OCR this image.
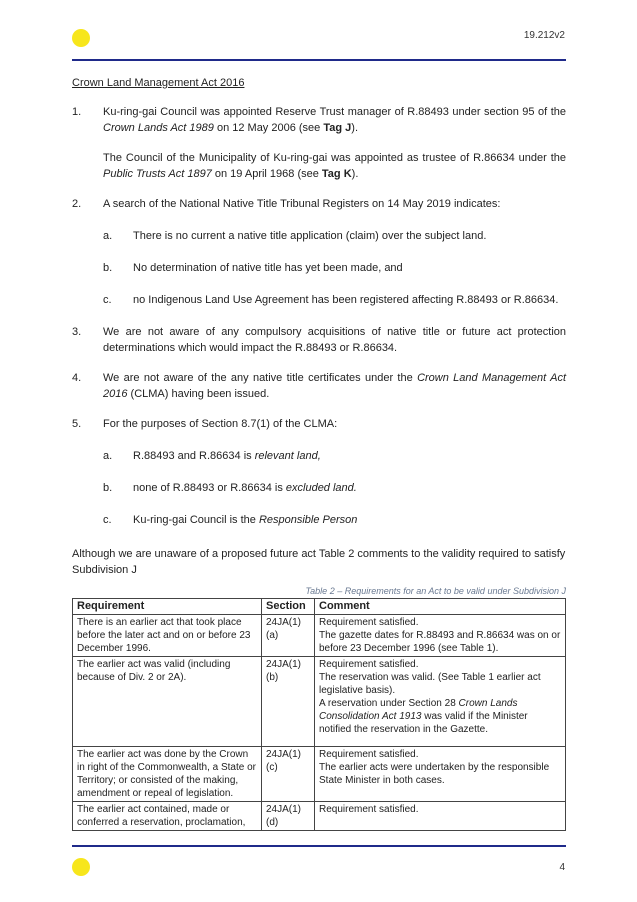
19.212v2

Crown Land Management Act 2016

1.	Ku-ring-gai Council was appointed Reserve Trust manager of R.88493 under section 95 of the Crown Lands Act 1989 on 12 May 2006 (see Tag J).

The Council of the Municipality of Ku-ring-gai was appointed as trustee of R.86634 under the Public Trusts Act 1897 on 19 April 1968 (see Tag K).

2.	A search of the National Native Title Tribunal Registers on 14 May 2019 indicates:
a.	There is no current a native title application (claim) over the subject land.
b.	No determination of native title has yet been made, and
c.	no Indigenous Land Use Agreement has been registered affecting R.88493 or R.86634.
3.	We are not aware of any compulsory acquisitions of native title or future act protection determinations which would impact the R.88493 or R.86634.
4.	We are not aware of the any native title certificates under the Crown Land Management Act 2016 (CLMA) having been issued.
5.	For the purposes of Section 8.7(1) of the CLMA:
a.	R.88493 and R.86634 is relevant land,
b.	none of R.88493 or R.86634 is excluded land.
c.	Ku-ring-gai Council is the Responsible Person

Although we are unaware of a proposed future act Table 2 comments to the validity required to satisfy Subdivision J

Table 2 – Requirements for an Act to be valid under Subdivision J
Requirement	Section	Comment
There is an earlier act that took place before the later act and on or before 23 December 1996.	24JA(1)(a)	Requirement satisfied.

The gazette dates for R.88493 and R.86634 was on or before 23 December 1996 (see Table 1).

The earlier act was valid (including because of Div. 2 or 2A).	24JA(1)(b)	Requirement satisfied.

The reservation was valid. (See Table 1 earlier act legislative basis).

A reservation under Section 28 Crown Lands Consolidation Act 1913 was valid if the Minister notified the reservation in the Gazette.

The earlier act was done by the Crown in right of the Commonwealth, a State or Territory; or consisted of the making, amendment or repeal of legislation.	24JA(1)(c)	Requirement satisfied.

The earlier acts were undertaken by the responsible State Minister in both cases.

The earlier act contained, made or conferred a reservation, proclamation,	24JA(1)(d)	Requirement satisfied.

4
